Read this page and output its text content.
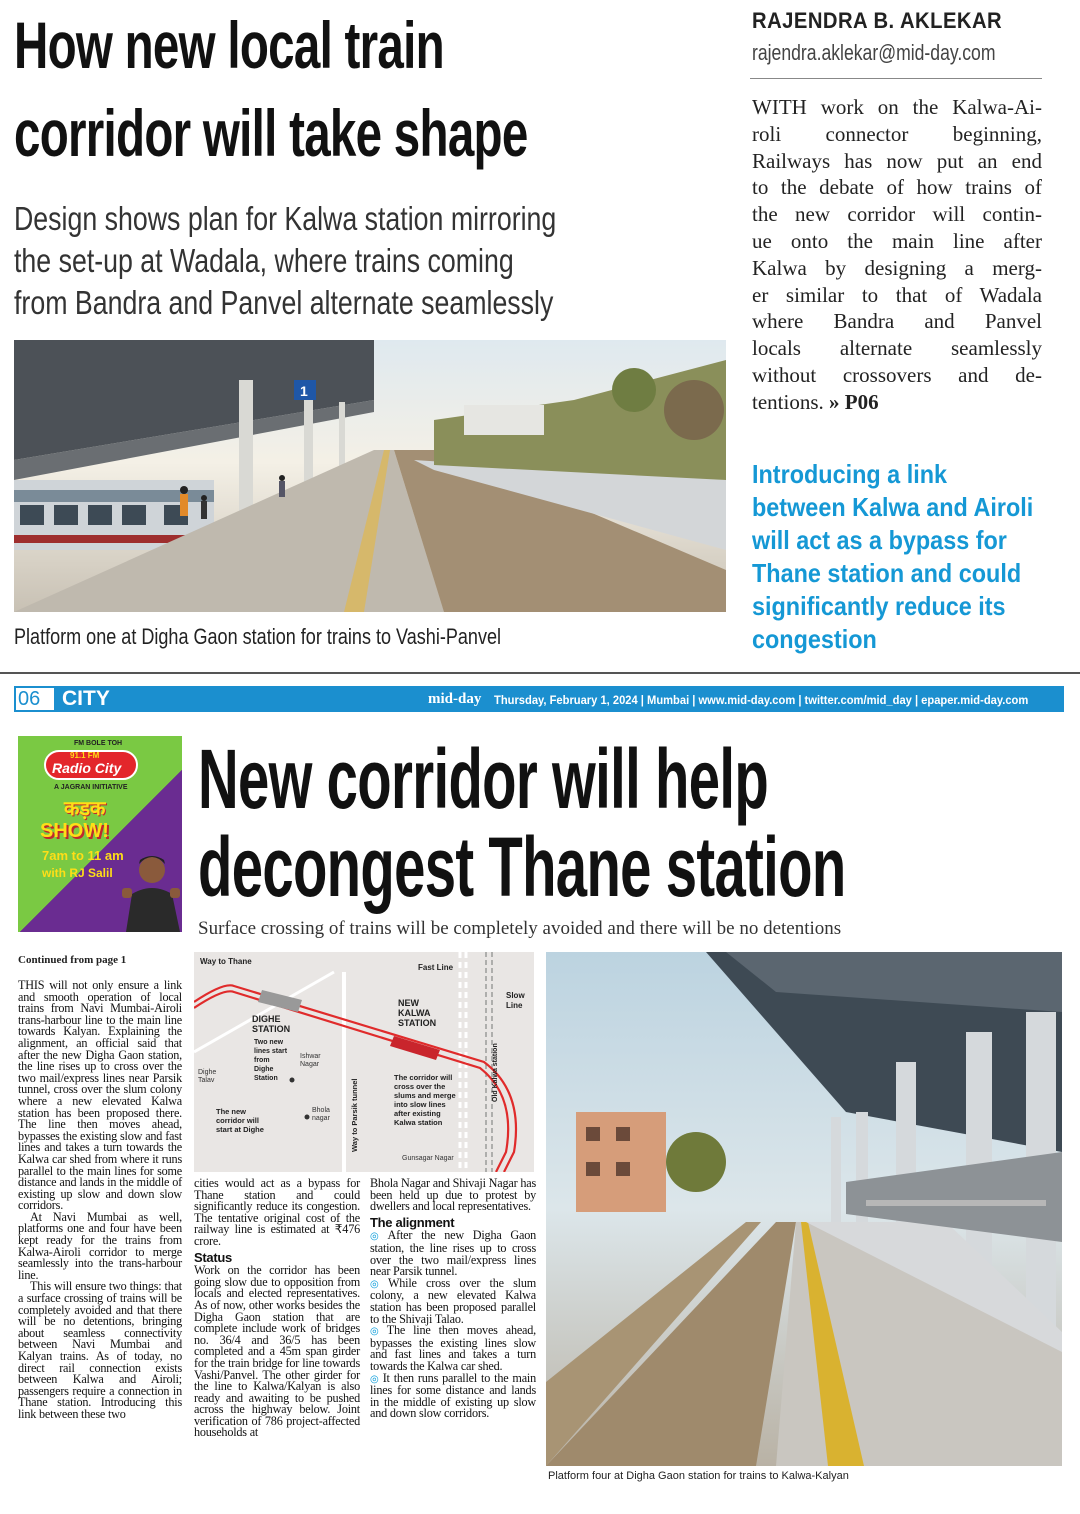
How new local train
corridor will take shape
Design shows plan for Kalwa station mirroring
the set-up at Wadala, where trains coming
from Bandra and Panvel alternate seamlessly
1
Platform one at Digha Gaon station for trains to Vashi-Panvel
RAJENDRA B. AKLEKAR
rajendra.aklekar@mid-day.com
WITH work on the Kalwa-Ai-
roli connector beginning,
Railways has now put an end
to the debate of how trains of
the new corridor will contin-
ue onto the main line after
Kalwa by designing a merg-
er similar to that of Wadala
where Bandra and Panvel
locals alternate seamlessly
without crossovers and de-
tentions. » P06
Introducing a link
between Kalwa and Airoli
will act as a bypass for
Thane station and could
significantly reduce its
congestion
06 CITY	mid-day Thursday, February 1, 2024 | Mumbai | www.mid-day.com | twitter.com/mid_day | epaper.mid-day.com
FM BOLE TOH
91.1 FM
Radio City
A JAGRAN INITIATIVE
कड़क
SHOW!
7am to 11 am
with RJ Salil
New corridor will help
decongest Thane station
Surface crossing of trains will be completely avoided and there will be no detentions
Continued from page 1

THIS will not only ensure a link and smooth operation of local trains from Navi Mumbai-Airoli trans-harbour line to the main line towards Kalyan. Explaining the alignment, an official said that after the new Digha Gaon station, the line rises up to cross over the two mail/express lines near Parsik tunnel, cross over the slum colony where a new elevated Kalwa station has been proposed there. The line then moves ahead, bypasses the existing slow and fast lines and takes a turn towards the Kalwa car shed from where it runs parallel to the main lines for some distance and lands in the middle of existing up slow and down slow corridors.

At Navi Mumbai as well, platforms one and four have been kept ready for the trains from Kalwa-Airoli corridor to merge seamlessly into the trans-harbour line.

This will ensure two things: that a surface crossing of trains will be completely avoided and that there will be no detentions, bringing about seamless connectivity between Navi Mumbai and Kalyan trains. As of today, no direct rail connection exists between Kalwa and Airoli; passengers require a connection in Thane station. Introducing this link between these two

Way to Thane
Fast Line
Slow
Line
Old Kalwa station
NEW
KALWA
STATION
DIGHE
STATION
Two new
lines start
from
Dighe
Station
Ishwar
Nagar
Dighe
Talav
The new
corridor will
start at Dighe
Bhola
nagar	Way to Parsik tunnel
The corridor will
cross over the
slums and merge
into slow lines
after existing
Kalwa station
Gunsagar Nagar

cities would act as a bypass for Thane station and could significantly reduce its congestion. The tentative original cost of the railway line is estimated at ₹476 crore.

Status

Work on the corridor has been going slow due to opposition from locals and elected representatives. As of now, other works besides the Digha Gaon station that are complete include work of bridges no. 36/4 and 36/5 has been completed and a 45m span girder for the train bridge for line towards Vashi/Panvel. The other girder for the line to Kalwa/Kalyan is also ready and awaiting to be pushed across the highway below. Joint verification of 786 project-affected households at

Bhola Nagar and Shivaji Nagar has been held up due to protest by dwellers and local representatives.

The alignment
◎ After the new Digha Gaon station, the line rises up to cross over the two mail/express lines near Parsik tunnel.
◎ While cross over the slum colony, a new elevated Kalwa station has been proposed parallel to the Shivaji Talao.
◎ The line then moves ahead, bypasses the existing lines slow and fast lines and takes a turn towards the Kalwa car shed.
◎ It then runs parallel to the main lines for some distance and lands in the middle of existing up slow and down slow corridors.
Platform four at Digha Gaon station for trains to Kalwa-Kalyan
